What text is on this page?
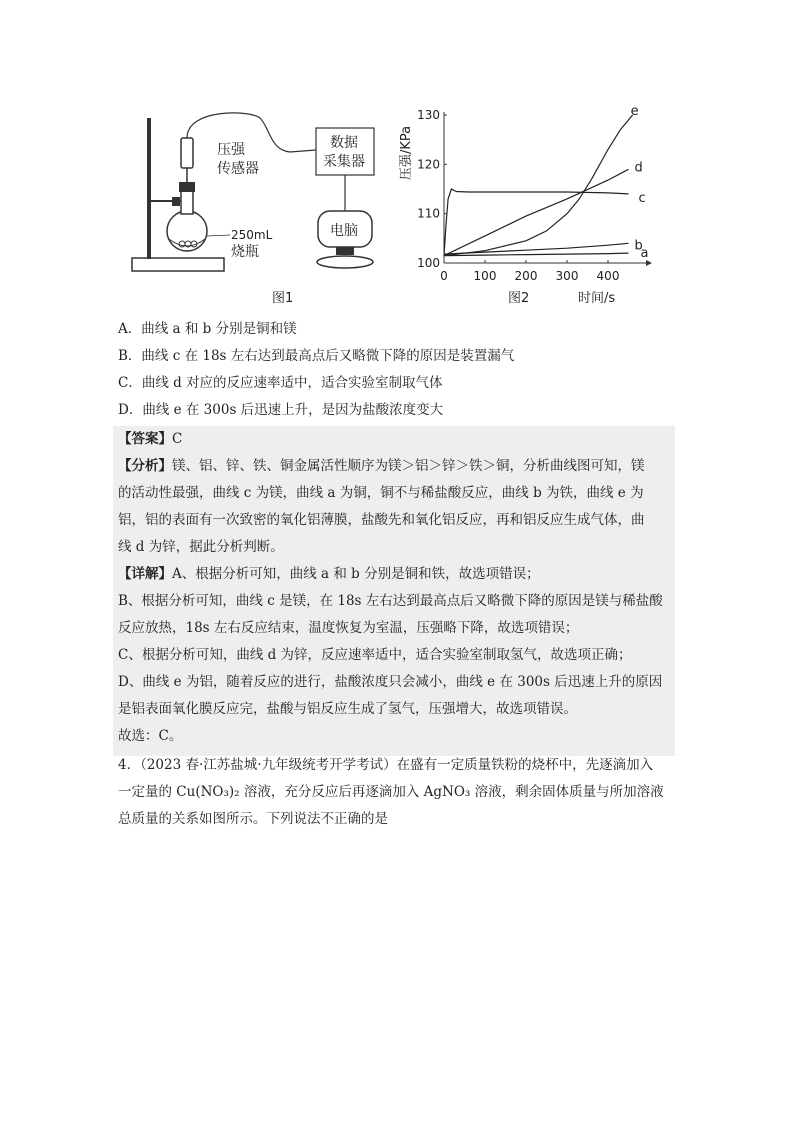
压强
传感器
数据
采集器
电脑
250mL
烧瓶
图1
压强/KPa
时间/s
图2
0 100 200 300 400
100
110
120
130
a
b
c
d
e
A．曲线 a 和 b 分别是铜和镁
B．曲线 c 在 18s 左右达到最高点后又略微下降的原因是装置漏气
C．曲线 d 对应的反应速率适中，适合实验室制取气体
D．曲线 e 在 300s 后迅速上升，是因为盐酸浓度变大
【答案】C
【分析】镁、铝、锌、铁、铜金属活性顺序为镁＞铝＞锌＞铁＞铜，分析曲线图可知，镁
的活动性最强，曲线 c 为镁，曲线 a 为铜，铜不与稀盐酸反应，曲线 b 为铁，曲线 e 为
铝，铝的表面有一次致密的氧化铝薄膜，盐酸先和氧化铝反应，再和铝反应生成气体，曲
线 d 为锌，据此分析判断。
【详解】A、根据分析可知，曲线 a 和 b 分别是铜和铁，故选项错误；
B、根据分析可知，曲线 c 是镁，在 18s 左右达到最高点后又略微下降的原因是镁与稀盐酸
反应放热，18s 左右反应结束，温度恢复为室温，压强略下降，故选项错误；
C、根据分析可知，曲线 d 为锌，反应速率适中，适合实验室制取氢气，故选项正确；
D、曲线 e 为铝，随着反应的进行，盐酸浓度只会减小，曲线 e 在 300s 后迅速上升的原因
是铝表面氧化膜反应完，盐酸与铝反应生成了氢气，压强增大，故选项错误。
故选：C。
4．（2023 春·江苏盐城·九年级统考开学考试）在盛有一定质量铁粉的烧杯中，先逐滴加入
一定量的 Cu(NO₃)₂ 溶液，充分反应后再逐滴加入 AgNO₃ 溶液，剩余固体质量与所加溶液
总质量的关系如图所示。下列说法不正确的是
